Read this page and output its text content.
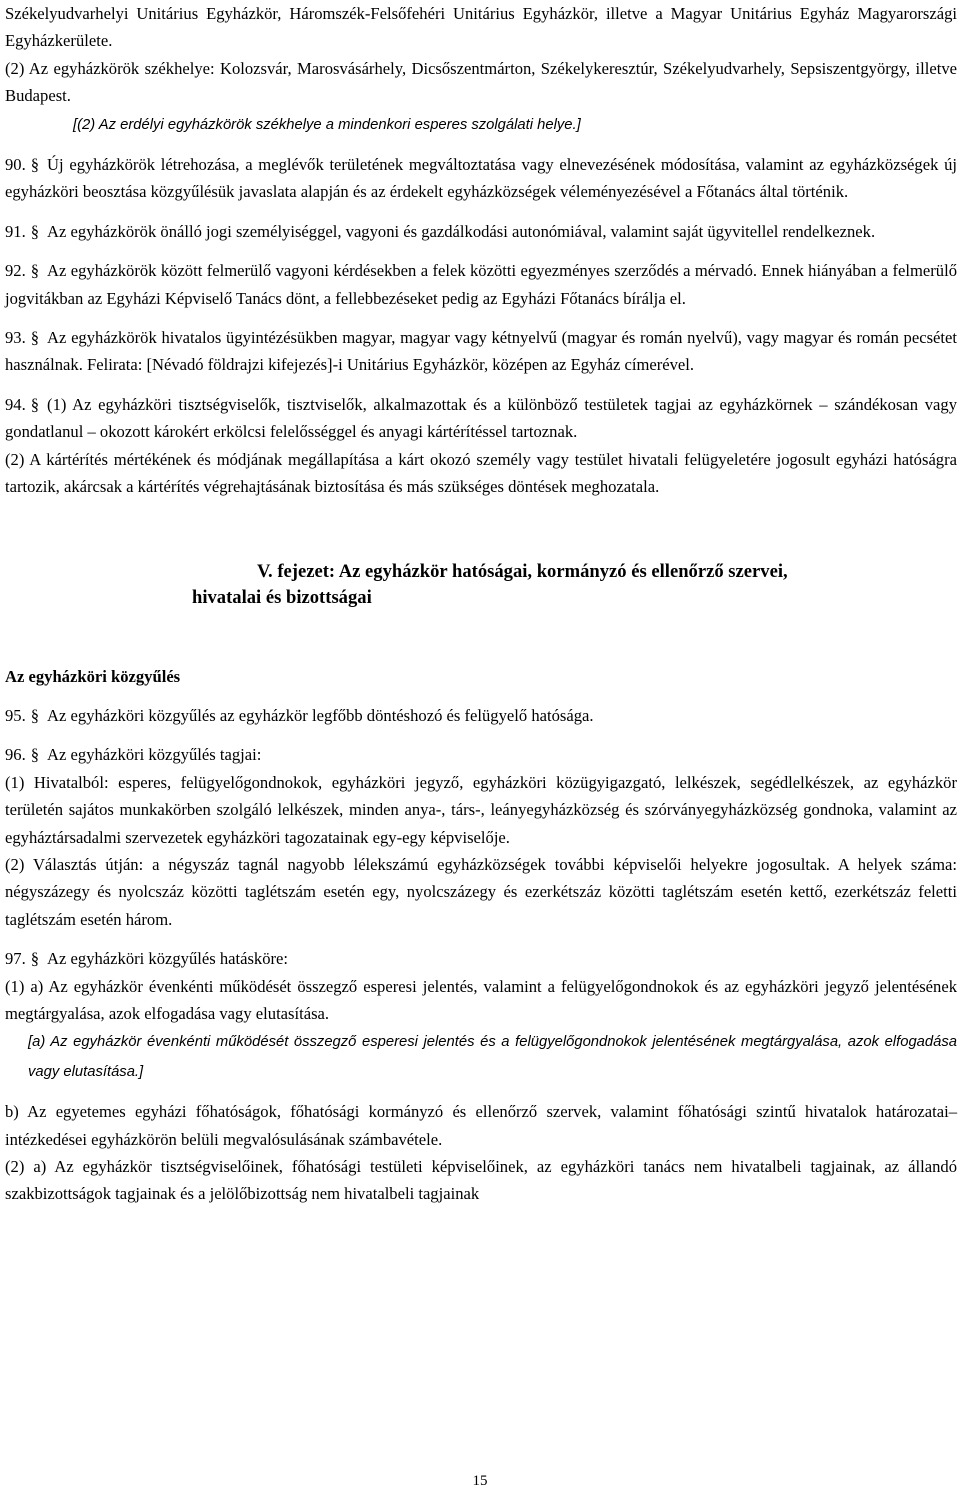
Székelyudvarhelyi Unitárius Egyházkör, Háromszék-Felsőfehéri Unitárius Egyházkör, illetve a Magyar Unitárius Egyház Magyarországi Egyházkerülete.

(2) Az egyházkörök székhelye: Kolozsvár, Marosvásárhely, Dicsőszentmárton, Székelykeresztúr, Székelyudvarhely, Sepsiszentgyörgy, illetve Budapest.

[(2) Az erdélyi egyházkörök székhelye a mindenkori esperes szolgálati helye.]

90. § Új egyházkörök létrehozása, a meglévők területének megváltoztatása vagy elnevezésének módosítása, valamint az egyházközségek új egyházköri beosztása közgyűlésük javaslata alapján és az érdekelt egyházközségek véleményezésével a Főtanács által történik.

91. § Az egyházkörök önálló jogi személyiséggel, vagyoni és gazdálkodási autonómiával, valamint saját ügyvitellel rendelkeznek.

92. § Az egyházkörök között felmerülő vagyoni kérdésekben a felek közötti egyezményes szerződés a mérvadó. Ennek hiányában a felmerülő jogvitákban az Egyházi Képviselő Tanács dönt, a fellebbezéseket pedig az Egyházi Főtanács bírálja el.

93. § Az egyházkörök hivatalos ügyintézésükben magyar, magyar vagy kétnyelvű (magyar és román nyelvű), vagy magyar és román pecsétet használnak. Felirata: [Névadó földrajzi kifejezés]-i Unitárius Egyházkör, középen az Egyház címerével.

94. § (1) Az egyházköri tisztségviselők, tisztviselők, alkalmazottak és a különböző testületek tagjai az egyházkörnek – szándékosan vagy gondatlanul – okozott károkért erkölcsi felelősséggel és anyagi kártérítéssel tartoznak.

(2) A kártérítés mértékének és módjának megállapítása a kárt okozó személy vagy testület hivatali felügyeletére jogosult egyházi hatóságra tartozik, akárcsak a kártérítés végrehajtásának biztosítása és más szükséges döntések meghozatala.

V. fejezet: Az egyházkör hatóságai, kormányzó és ellenőrző szervei,

hivatalai és bizottságai

Az egyházköri közgyűlés

95. § Az egyházköri közgyűlés az egyházkör legfőbb döntéshozó és felügyelő hatósága.

96. § Az egyházköri közgyűlés tagjai:

(1) Hivatalból: esperes, felügyelőgondnokok, egyházköri jegyző, egyházköri közügyigazgató, lelkészek, segédlelkészek, az egyházkör területén sajátos munkakörben szolgáló lelkészek, minden anya-, társ-, leányegyházközség és szórványegyházközség gondnoka, valamint az egyháztársadalmi szervezetek egyházköri tagozatainak egy-egy képviselője.

(2) Választás útján: a négyszáz tagnál nagyobb lélekszámú egyházközségek további képviselői helyekre jogosultak. A helyek száma: négyszázegy és nyolcszáz közötti taglétszám esetén egy, nyolcszázegy és ezerkétszáz közötti taglétszám esetén kettő, ezerkétszáz feletti taglétszám esetén három.

97. § Az egyházköri közgyűlés hatásköre:

(1) a) Az egyházkör évenkénti működését összegző esperesi jelentés, valamint a felügyelőgondnokok és az egyházköri jegyző jelentésének megtárgyalása, azok elfogadása vagy elutasítása.

[a) Az egyházkör évenkénti működését összegző esperesi jelentés és a felügyelőgondnokok jelentésének megtárgyalása, azok elfogadása vagy elutasítása.]

b) Az egyetemes egyházi főhatóságok, főhatósági kormányzó és ellenőrző szervek, valamint főhatósági szintű hivatalok határozatai–intézkedései egyházkörön belüli megvalósulásának számbavétele.

(2) a) Az egyházkör tisztségviselőinek, főhatósági testületi képviselőinek, az egyházköri tanács nem hivatalbeli tagjainak, az állandó szakbizottságok tagjainak és a jelölőbizottság nem hivatalbeli tagjainak

15
